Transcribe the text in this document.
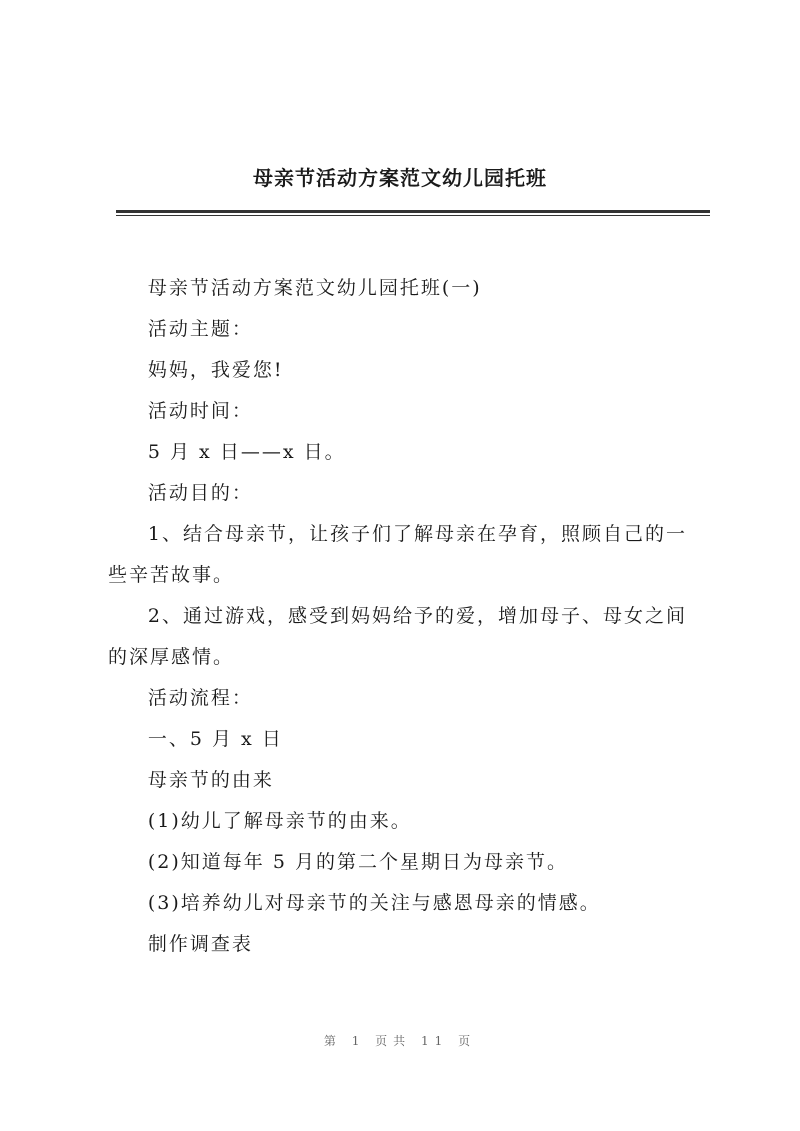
母亲节活动方案范文幼儿园托班

母亲节活动方案范文幼儿园托班(一)

活动主题：

妈妈，我爱您!

活动时间：

5 月 x 日——x 日。

活动目的：

1、结合母亲节，让孩子们了解母亲在孕育，照顾自己的一

些辛苦故事。

2、通过游戏，感受到妈妈给予的爱，增加母子、母女之间

的深厚感情。

活动流程：

一、5 月 x 日

母亲节的由来

(1)幼儿了解母亲节的由来。

(2)知道每年 5 月的第二个星期日为母亲节。

(3)培养幼儿对母亲节的关注与感恩母亲的情感。

制作调查表

第 1 页共 11 页
